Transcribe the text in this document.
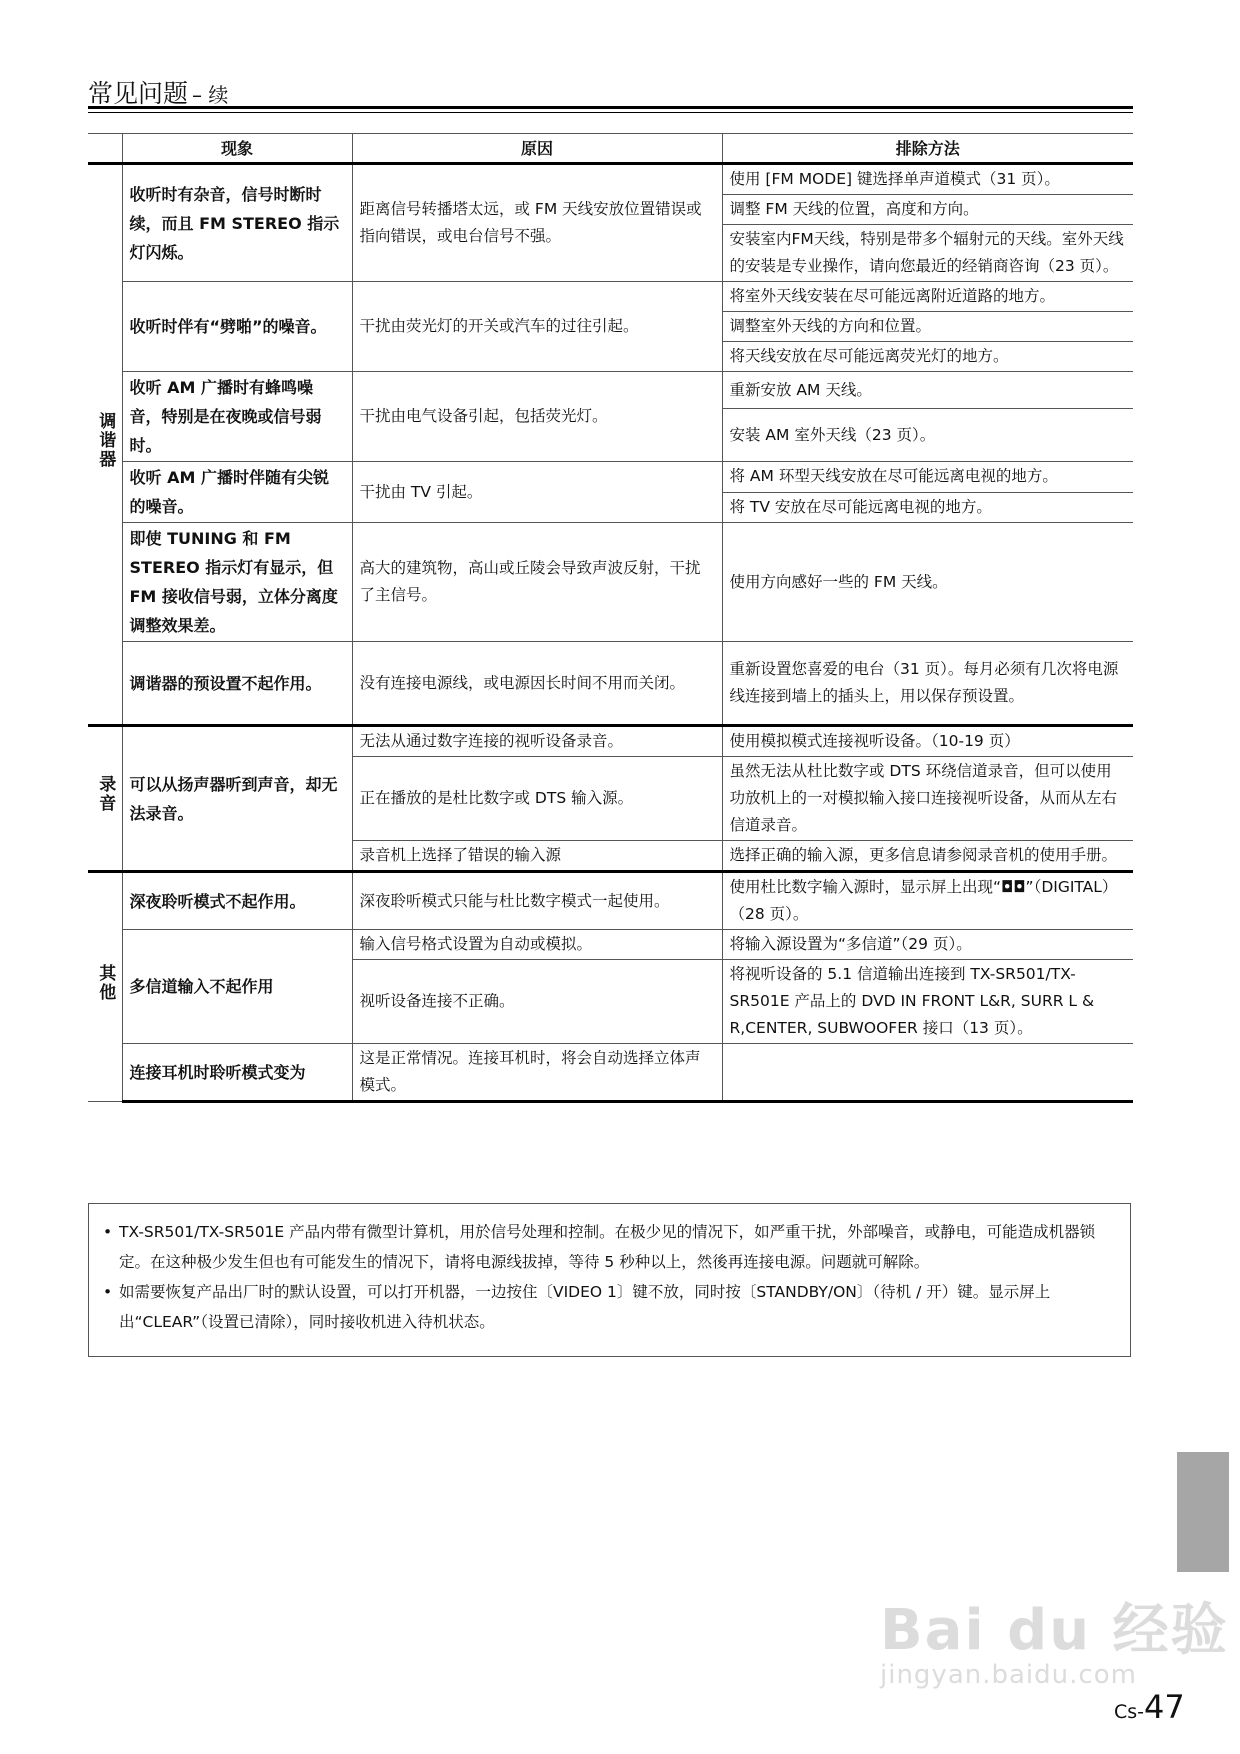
常见问题 – 续
	现象	原因	排除方法
调谐器	收听时有杂音，信号时断时续，而且 FM STEREO 指示灯闪烁。	距离信号转播塔太远，或 FM 天线安放位置错误或指向错误，或电台信号不强。	使用 [FM MODE] 键选择单声道模式（31 页）。
			调整 FM 天线的位置，高度和方向。
			安装室内FM天线，特别是带多个辐射元的天线。室外天线的安装是专业操作，请向您最近的经销商咨询（23 页）。
	收听时伴有“劈啪”的噪音。	干扰由荧光灯的开关或汽车的过往引起。	将室外天线安装在尽可能远离附近道路的地方。
			调整室外天线的方向和位置。
			将天线安放在尽可能远离荧光灯的地方。
	收听 AM 广播时有蜂鸣噪音，特别是在夜晚或信号弱时。	干扰由电气设备引起，包括荧光灯。	重新安放 AM 天线。
			安装 AM 室外天线（23 页）。
	收听 AM 广播时伴随有尖锐的噪音。	干扰由 TV 引起。	将 AM 环型天线安放在尽可能远离电视的地方。
			将 TV 安放在尽可能远离电视的地方。
	即使 TUNING 和 FM STEREO 指示灯有显示，但 FM 接收信号弱，立体分离度调整效果差。	高大的建筑物，高山或丘陵会导致声波反射，干扰了主信号。	使用方向感好一些的 FM 天线。
	调谐器的预设置不起作用。	没有连接电源线，或电源因长时间不用而关闭。	重新设置您喜爱的电台（31 页）。每月必须有几次将电源线连接到墙上的插头上，用以保存预设置。

录音	可以从扬声器听到声音，却无法录音。	无法从通过数字连接的视听设备录音。	使用模拟模式连接视听设备。（10-19 页）
		正在播放的是杜比数字或 DTS 输入源。	虽然无法从杜比数字或 DTS 环绕信道录音，但可以使用功放机上的一对模拟输入接口连接视听设备，从而从左右信道录音。
		录音机上选择了错误的输入源	选择正确的输入源，更多信息请参阅录音机的使用手册。
其他	深夜聆听模式不起作用。	深夜聆听模式只能与杜比数字模式一起使用。	使用杜比数字输入源时，显示屏上出现“◘◘”（DIGITAL）（28 页）。
	多信道输入不起作用	输入信号格式设置为自动或模拟。	将输入源设置为“多信道”（29 页）。
		视听设备连接不正确。	将视听设备的 5.1 信道输出连接到 TX-SR501/TX-SR501E 产品上的 DVD IN FRONT L&R, SURR L & R,CENTER, SUBWOOFER 接口（13 页）。
	连接耳机时聆听模式变为	这是正常情况。连接耳机时，将会自动选择立体声模式。	
• TX-SR501/TX-SR501E 产品内带有微型计算机，用於信号处理和控制。在极少见的情况下，如严重干扰，外部噪音，或静电，可能造成机器锁定。在这种极少发生但也有可能发生的情况下，请将电源线拔掉，等待 5 秒种以上，然後再连接电源。问题就可解除。
• 如需要恢复产品出厂时的默认设置，可以打开机器，一边按住〔VIDEO 1〕键不放，同时按〔STANDBY/ON〕（待机 / 开）键。显示屏上出“CLEAR”（设置已清除），同时接收机进入待机状态。
Bai du 经验
jingyan.baidu.com
Cs-47
